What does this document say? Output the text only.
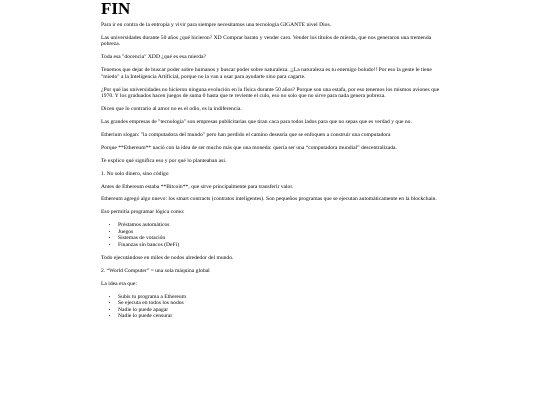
FIN

Para ir en contra de la entropía y vivir para siempre necesitamos una tecnología GIGANTE nivel Dios.

Las universidades durante 50 años ¿qué hicieron? XD Comprar barato y vender caro. Vender los títulos de mierda, que nos generaron una tremenda pobreza.

Toda esa "docencia" XDD ¿qué es esa mierda?

Tenemos que dejar de buscar poder sobre humanos y buscar poder sobre naturaleza. ¡¡La naturaleza es tu enemigo boludo!! Por eso la gente le tiene "miedo" a la Inteligencia Artificial, porque no la van a usar para ayudarte sino para cagarte.

¿Por qué las universidades no hicieron ninguna evolución en la física durante 50 años? Porque son una estafa, por eso tenemos los mismos aviones que 1970. Y los graduados hacen juegos de suma 0 hasta que te reviente el culo, eso no solo que no sirve para nada genera pobreza.

Dicen que lo contrario al amor no es el odio, es la indiferencia.

Las grandes empresas de "tecnología" son empresas publicitarias que tiran caca para todos lados para que no sepas que es verdad y que no.

Etherium slogan: "la computadora del mundo" pero han perdido el camino desearía que se enfoquen a construir una computadora

Porque **Ethereum** nació con la idea de ser mucho más que una moneda: quería ser una “computadora mundial” descentralizada.

Te explico qué significa eso y por qué lo planteaban así.

1. No solo dinero, sino código

Antes de Ethereum estaba **Bitcoin**, que sirve principalmente para transferir valor.

Ethereum agregó algo nuevo: los smart contracts (contratos inteligentes). Son pequeños programas que se ejecutan automáticamente en la blockchain.

Eso permitía programar lógica como:

• Préstamos automáticos
• Juegos
• Sistemas de votación
• Finanzas sin bancos (DeFi)

Todo ejecutándose en miles de nodos alrededor del mundo.

2. “World Computer” = una sola máquina global

La idea era que:

• Subís tu programa a Ethereum
• Se ejecuta en todos los nodos
• Nadie lo puede apagar
• Nadie lo puede censurar
